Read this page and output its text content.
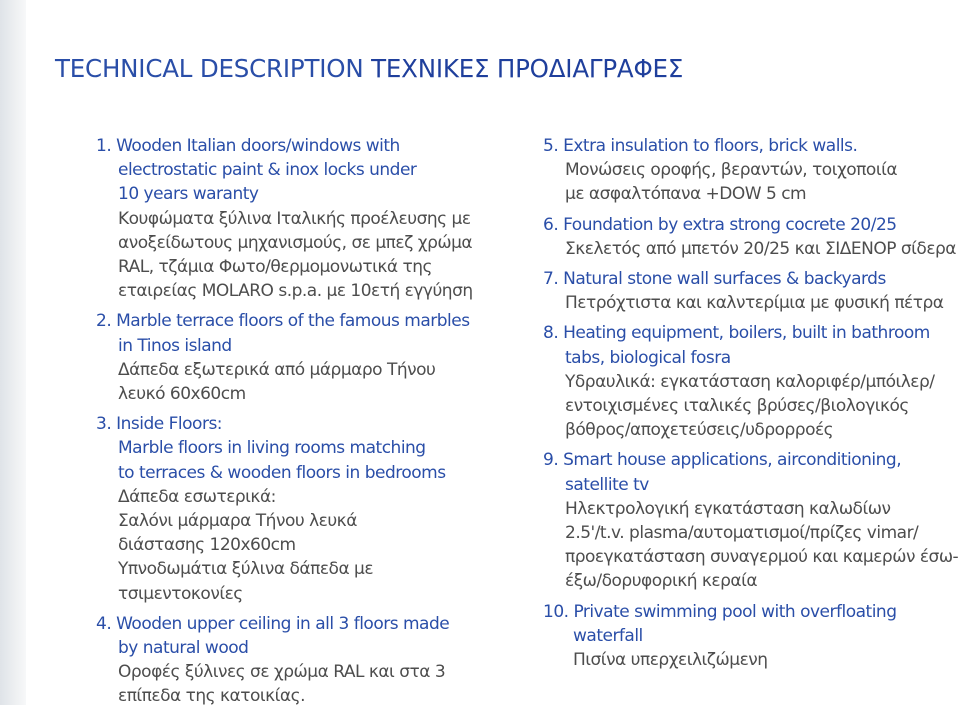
TECHNICAL DESCRIPTION ΤΕΧΝΙΚΕΣ ΠΡΟΔΙΑΓΡΑΦΕΣ

1. Wooden Italian doors/windows with

electrostatic paint & inox locks under

10 years waranty

Κουφώματα ξύλινα Ιταλικής προέλευσης με

ανοξείδωτους μηχανισμούς, σε μπεζ χρώμα

RAL, τζάμια Φωτο/θερμομονωτικά της

εταιρείας MOLARO s.p.a. με 10ετή εγγύηση

2. Marble terrace floors of the famous marbles

in Tinos island

Δάπεδα εξωτερικά από μάρμαρο Τήνου

λευκό 60x60cm

3. Inside Floors:

Marble floors in living rooms matching

to terraces & wooden floors in bedrooms

Δάπεδα εσωτερικά:

Σαλόνι μάρμαρα Τήνου λευκά

διάστασης 120x60cm

Υπνοδωμάτια ξύλινα δάπεδα με

τσιμεντοκονίες

4. Wooden upper ceiling in all 3 floors made

by natural wood

Οροφές ξύλινες σε χρώμα RAL και στα 3

επίπεδα της κατοικίας.

5. Extra insulation to floors, brick walls.

Μονώσεις οροφής, βεραντών, τοιχοποιία

με ασφαλτόπανα +DOW 5 cm

6. Foundation by extra strong cocrete 20/25

Σκελετός από μπετόν 20/25 και ΣΙΔΕΝΟΡ σίδερα

7. Natural stone wall surfaces & backyards

Πετρόχτιστα και καλντερίμια με φυσική πέτρα

8. Heating equipment, boilers, built in bathroom

tabs, biological fosra

Υδραυλικά: εγκατάσταση καλοριφέρ/μπόιλερ/

εντοιχισμένες ιταλικές βρύσες/βιολογικός

βόθρος/αποχετεύσεις/υδρορροές

9. Smart house applications, airconditioning,

satellite tv

Ηλεκτρολογική εγκατάσταση καλωδίων

2.5'/t.v. plasma/αυτοματισμοί/πρίζες vimar/

προεγκατάσταση συναγερμού και καμερών έσω-

έξω/δορυφορική κεραία

10. Private swimming pool with overfloating

waterfall

Πισίνα υπερχειλιζώμενη
